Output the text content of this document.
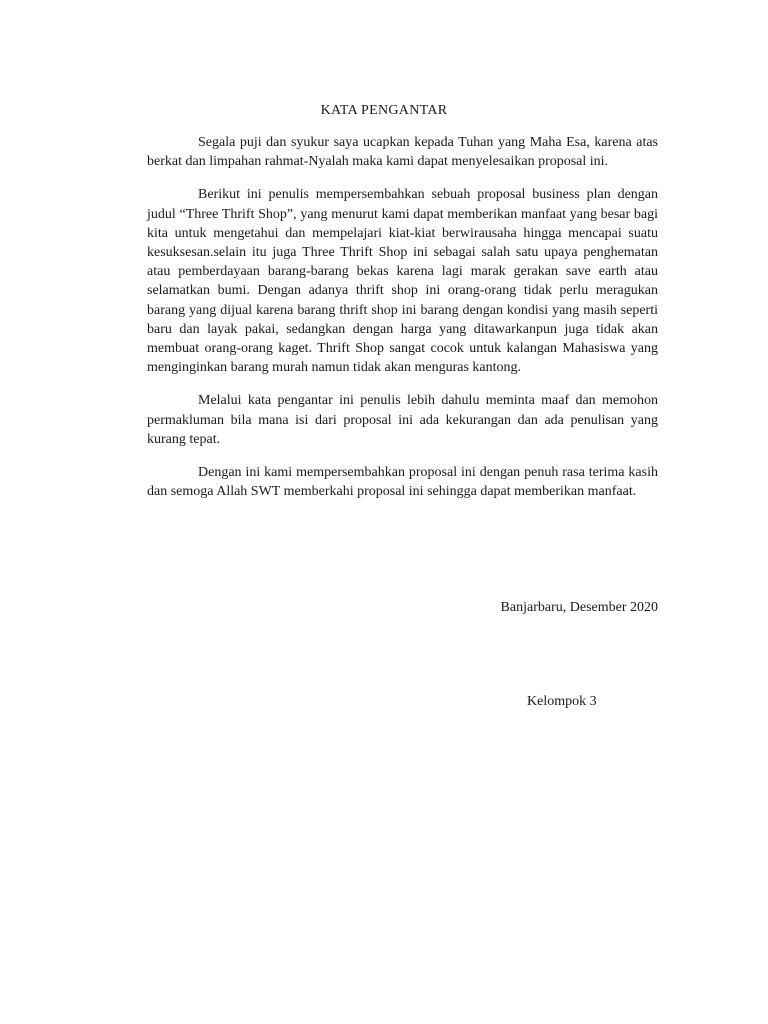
KATA PENGANTAR

Segala puji dan syukur saya ucapkan kepada Tuhan yang Maha Esa, karena atas berkat dan limpahan rahmat-Nyalah maka kami dapat menyelesaikan proposal ini.

Berikut ini penulis mempersembahkan sebuah proposal business plan dengan judul “Three Thrift Shop”, yang menurut kami dapat memberikan manfaat yang besar bagi kita untuk mengetahui dan mempelajari kiat-kiat berwirausaha hingga mencapai suatu kesuksesan.selain itu juga Three Thrift Shop ini sebagai salah satu upaya penghematan atau pemberdayaan barang-barang bekas karena lagi marak gerakan save earth atau selamatkan bumi. Dengan adanya thrift shop ini orang-orang tidak perlu meragukan barang yang dijual karena barang thrift shop ini barang dengan kondisi yang masih seperti baru dan layak pakai, sedangkan dengan harga yang ditawarkanpun juga tidak akan membuat orang-orang kaget. Thrift Shop sangat cocok untuk kalangan Mahasiswa yang menginginkan barang murah namun tidak akan menguras kantong.

Melalui kata pengantar ini penulis lebih dahulu meminta maaf dan memohon permakluman bila mana isi dari proposal ini ada kekurangan dan ada penulisan yang kurang tepat.

Dengan ini kami mempersembahkan proposal ini dengan penuh rasa terima kasih dan semoga Allah SWT memberkahi proposal ini sehingga dapat memberikan manfaat.

Banjarbaru, Desember 2020

Kelompok 3
